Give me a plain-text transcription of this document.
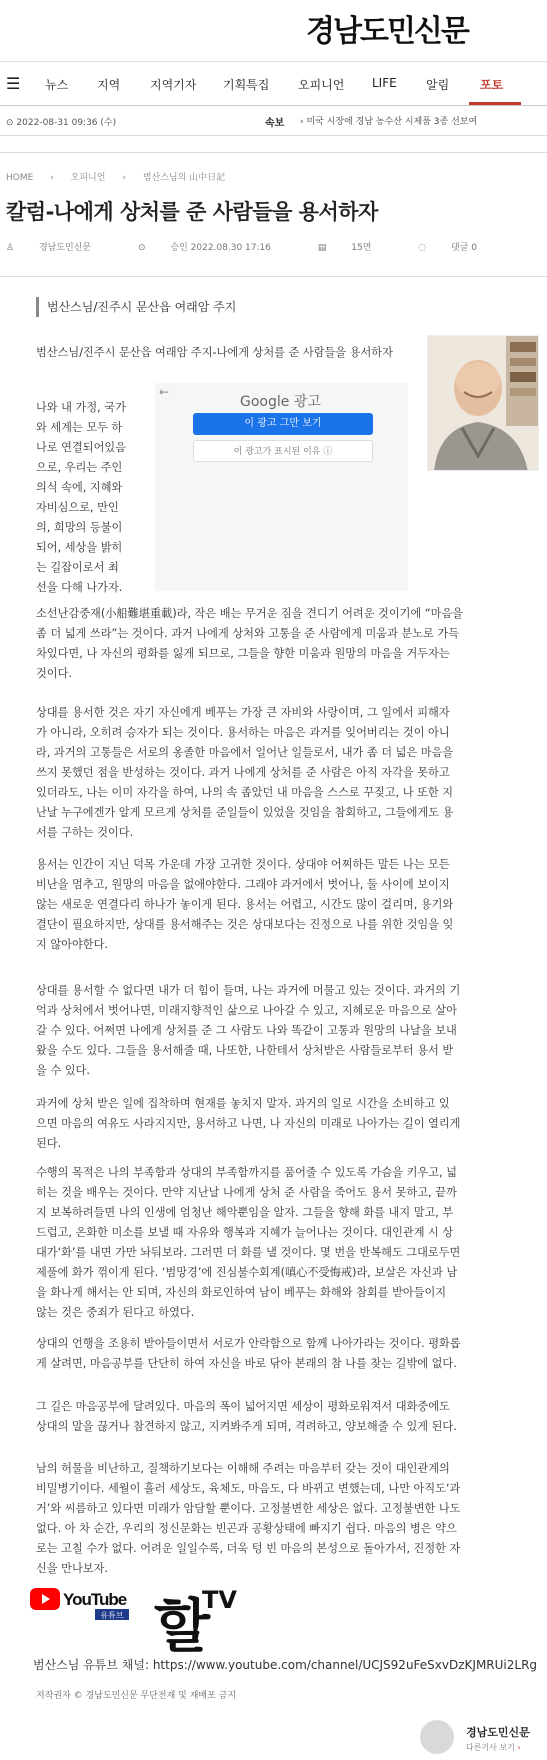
경남도민신문
☰ 뉴스 지역 지역기자 기획특집 오피니언 LIFE 알림	포토
⊙ 2022-08-31 09:36 (수)	속보 › 미국 시장에 경남 농수산 시제품 3종 선보여
HOME › 오피니언 › 범산스님의 山中日記
칼럼-나에게 상처를 준 사람들을 용서하자
♙	경남도민신문	⊙	승인 2022.08.30 17:16	▤	15면	◌	댓글 0
범산스님/진주시 문산읍 여래암 주지
범산스님/진주시 문산읍 여래암 주지-나에게 상처를 준 사람들을 용서하자
나와 내 가정, 국가
와 세계는 모두 하
나로 연결되어있음
으로, 우리는 주인
의식 속에, 지혜와
자비심으로, 만인
의, 희망의 등불이
되어, 세상을 밝히
는 길잡이로서 최
선을 다해 나가자.
←
Google 광고
이 광고 그만 보기
이 광고가 표시된 이유 ⓘ
소선난감중재(小船難堪重載)라, 작은 배는 무거운 짐을 견디기 어려운 것이기에 “마음을
좀 더 넓게 쓰라”는 것이다. 과거 나에게 상처와 고통을 준 사람에게 미움과 분노로 가득
차있다면, 나 자신의 평화를 잃게 되므로, 그들을 향한 미움과 원망의 마음을 거두자는
것이다.
상대를 용서한 것은 자기 자신에게 베푸는 가장 큰 자비와 사랑이며, 그 일에서 피해자
가 아니라, 오히려 승자가 되는 것이다. 용서하는 마음은 과거를 잊어버리는 것이 아니
라, 과거의 고통들은 서로의 옹졸한 마음에서 일어난 일들로서, 내가 좀 더 넓은 마음을
쓰지 못했던 점을 반성하는 것이다. 과거 나에게 상처를 준 사람은 아직 자각을 못하고
있더라도, 나는 이미 자각을 하여, 나의 속 좁았던 내 마음을 스스로 꾸짖고, 나 또한 지
난날 누구에겐가 알게 모르게 상처를 준일들이 있었을 것임을 참회하고, 그들에게도 용
서를 구하는 것이다.
용서는 인간이 지닌 덕목 가운데 가장 고귀한 것이다. 상대야 어찌하든 말든 나는 모든
비난을 멈추고, 원망의 마음을 없애야한다. 그래야 과거에서 벗어나, 둘 사이에 보이지
않는 새로운 연결다리 하나가 놓이게 된다. 용서는 어렵고, 시간도 많이 걸리며, 용기와
결단이 필요하지만, 상대를 용서해주는 것은 상대보다는 진정으로 나를 위한 것임을 잊
지 않아야한다.
상대를 용서할 수 없다면 내가 더 힘이 들며, 나는 과거에 머물고 있는 것이다. 과거의 기
억과 상처에서 벗어나면, 미래지향적인 삶으로 나아갈 수 있고, 지혜로운 마음으로 살아
갈 수 있다. 어쩌면 나에게 상처를 준 그 사람도 나와 똑같이 고통과 원망의 나날을 보내
왔을 수도 있다. 그들을 용서해줄 때, 나또한, 나한테서 상처받은 사람들로부터 용서 받
을 수 있다.
과거에 상처 받은 일에 집착하며 현재를 놓치지 말자. 과거의 일로 시간을 소비하고 있
으면 마음의 여유도 사라지지만, 용서하고 나면, 나 자신의 미래로 나아가는 길이 열리게
된다.
수행의 목적은 나의 부족함과 상대의 부족함까지를 품어줄 수 있도록 가슴을 키우고, 넓
히는 것을 배우는 것이다. 만약 지난날 나에게 상처 준 사람을 죽어도 용서 못하고, 끝까
지 보복하려들면 나의 인생에 엄청난 해악뿐임을 알자. 그들을 향해 화를 내지 말고, 부
드럽고, 온화한 미소를 보낼 때 자유와 행복과 지혜가 늘어나는 것이다. 대인관계 시 상
대가‘화’를 내면 가만 놔둬보라. 그러면 더 화를 낼 것이다. 몇 번을 반복해도 그대로두면
제풀에 화가 꺾이게 된다. ‘범망경’에 진심불수회계(嗔心不受悔戒)라, 보살은 자신과 남
을 화나게 해서는 안 되며, 자신의 화로인하여 남이 베푸는 화해와 참회를 받아들이지
않는 것은 중죄가 된다고 하였다.
상대의 언행을 조용히 받아들이면서 서로가 안락함으로 함께 나아가라는 것이다. 평화롭
게 살려면, 마음공부를 단단히 하여 자신을 바로 닦아 본래의 참 나를 찾는 길밖에 없다.
그 길은 마음공부에 달려있다. 마음의 폭이 넓어지면 세상이 평화로워져서 대화중에도
상대의 말을 끊거나 참견하지 않고, 지켜봐주게 되며, 격려하고, 양보해줄 수 있게 된다.
남의 허물을 비난하고, 질책하기보다는 이해해 주려는 마음부터 갖는 것이 대인관계의
비밀병기이다. 세월이 흘러 세상도, 육체도, 마음도, 다 바뀌고 변했는데, 나만 아직도‘과
거’와 씨름하고 있다면 미래가 암담할 뿐이다. 고정불변한 세상은 없다. 고정불변한 나도
없다. 아 차 순간, 우리의 정신문화는 빈곤과 공황상태에 빠지기 쉽다. 마음의 병은 약으
로는 고칠 수가 없다. 어려운 일일수록, 더욱 텅 빈 마음의 본성으로 돌아가서, 진정한 자
신을 만나보자.
YouTube
유튜브 할
TV
범산스님 유튜브 채널: https://www.youtube.com/channel/UCJS92uFeSxvDzKJMRUi2LRg
저작권자 © 경남도민신문 무단전재 및 재배포 금지
경남도민신문
다른기사 보기 ›
